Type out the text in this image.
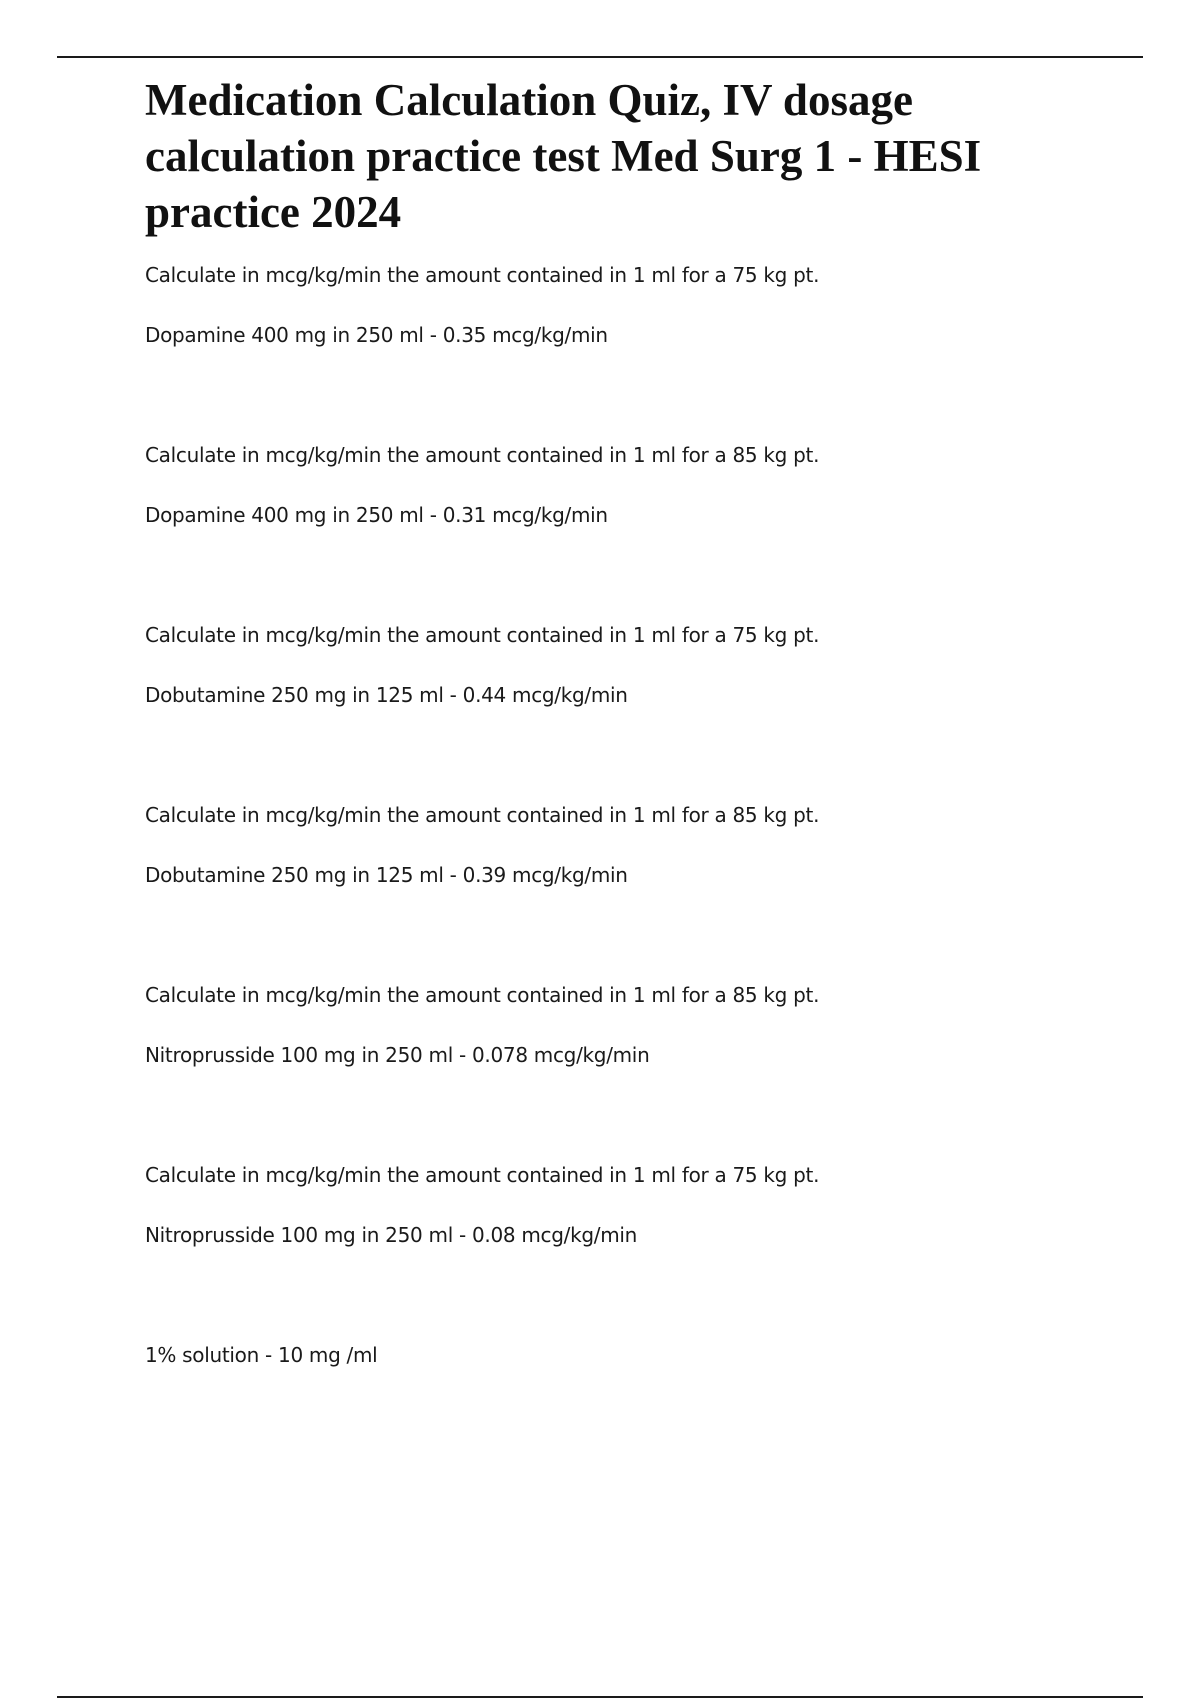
Medication Calculation Quiz, IV dosage calculation practice test Med Surg 1 - HESI practice 2024

Calculate in mcg/kg/min the amount contained in 1 ml for a 75 kg pt.

Dopamine 400 mg in 250 ml - 0.35 mcg/kg/min

Calculate in mcg/kg/min the amount contained in 1 ml for a 85 kg pt.

Dopamine 400 mg in 250 ml - 0.31 mcg/kg/min

Calculate in mcg/kg/min the amount contained in 1 ml for a 75 kg pt.

Dobutamine 250 mg in 125 ml - 0.44 mcg/kg/min

Calculate in mcg/kg/min the amount contained in 1 ml for a 85 kg pt.

Dobutamine 250 mg in 125 ml - 0.39 mcg/kg/min

Calculate in mcg/kg/min the amount contained in 1 ml for a 85 kg pt.

Nitroprusside 100 mg in 250 ml - 0.078 mcg/kg/min

Calculate in mcg/kg/min the amount contained in 1 ml for a 75 kg pt.

Nitroprusside 100 mg in 250 ml - 0.08 mcg/kg/min

1% solution - 10 mg /ml
